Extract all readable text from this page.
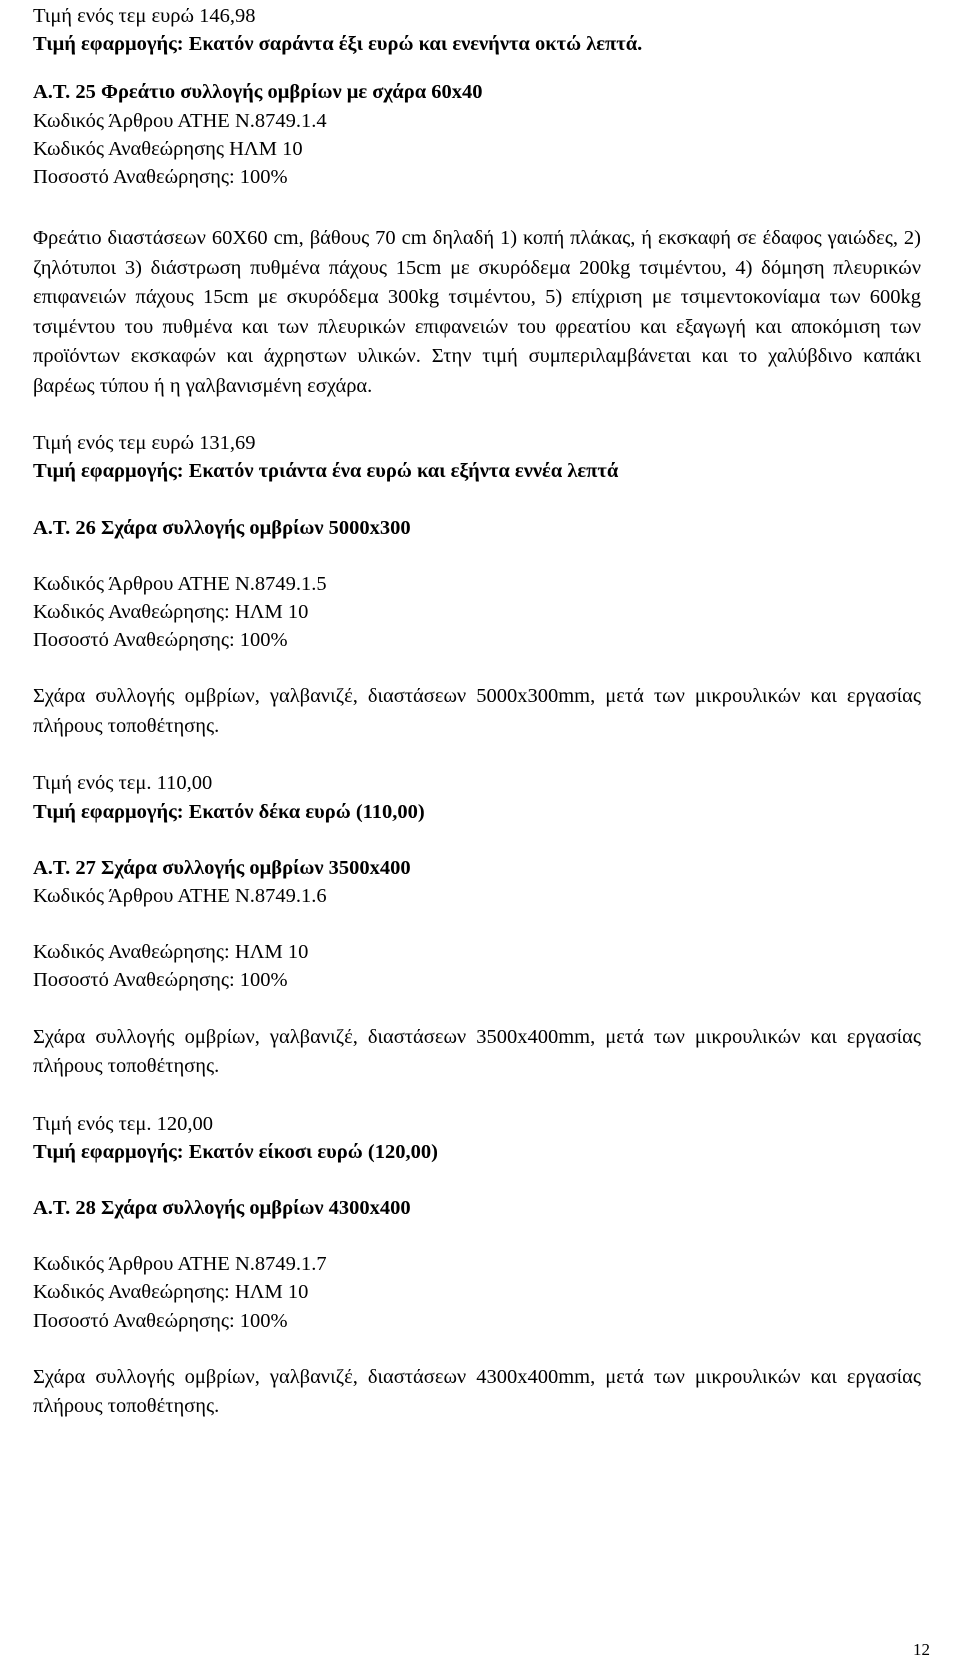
Τιμή ενός τεμ ευρώ 146,98
Τιμή εφαρμογής: Εκατόν σαράντα έξι ευρώ και ενενήντα οκτώ λεπτά.
Α.Τ. 25 Φρεάτιο συλλογής ομβρίων με σχάρα 60x40
Κωδικός Άρθρου ΑΤΗΕ Ν.8749.1.4
Κωδικός Αναθεώρησης ΗΛΜ 10
Ποσοστό Αναθεώρησης: 100%
Φρεάτιο διαστάσεων 60Χ60 cm, βάθους 70 cm δηλαδή 1) κοπή πλάκας, ή εκσκαφή σε έδαφος γαιώδες, 2) ζηλότυποι 3) διάστρωση πυθμένα πάχους 15cm με σκυρόδεμα 200kg τσιμέντου, 4) δόμηση πλευρικών επιφανειών πάχους 15cm με σκυρόδεμα 300kg τσιμέντου, 5) επίχριση με τσιμεντοκονίαμα των 600kg τσιμέντου του πυθμένα και των πλευρικών επιφανειών του φρεατίου και εξαγωγή και αποκόμιση των προϊόντων εκσκαφών και άχρηστων υλικών. Στην τιμή συμπεριλαμβάνεται και το χαλύβδινο καπάκι βαρέως τύπου ή η γαλβανισμένη εσχάρα.
Τιμή ενός τεμ ευρώ 131,69
Τιμή εφαρμογής: Εκατόν τριάντα ένα ευρώ και εξήντα εννέα λεπτά
Α.Τ. 26 Σχάρα συλλογής ομβρίων 5000x300
Κωδικός Άρθρου ΑΤΗΕ Ν.8749.1.5
Κωδικός Αναθεώρησης: ΗΛΜ 10
Ποσοστό Αναθεώρησης: 100%
Σχάρα συλλογής ομβρίων, γαλβανιζέ, διαστάσεων 5000x300mm, μετά των μικρουλικών και εργασίας πλήρους τοποθέτησης.
Τιμή ενός τεμ. 110,00
Τιμή εφαρμογής: Εκατόν δέκα ευρώ (110,00)
Α.Τ. 27 Σχάρα συλλογής ομβρίων 3500x400
Κωδικός Άρθρου ΑΤΗΕ Ν.8749.1.6
Κωδικός Αναθεώρησης: ΗΛΜ 10
Ποσοστό Αναθεώρησης: 100%
Σχάρα συλλογής ομβρίων, γαλβανιζέ, διαστάσεων 3500x400mm, μετά των μικρουλικών και εργασίας πλήρους τοποθέτησης.
Τιμή ενός τεμ. 120,00
Τιμή εφαρμογής: Εκατόν είκοσι ευρώ (120,00)
Α.Τ. 28 Σχάρα συλλογής ομβρίων 4300x400
Κωδικός Άρθρου ΑΤΗΕ Ν.8749.1.7
Κωδικός Αναθεώρησης: ΗΛΜ 10
Ποσοστό Αναθεώρησης: 100%
Σχάρα συλλογής ομβρίων, γαλβανιζέ, διαστάσεων 4300x400mm, μετά των μικρουλικών και εργασίας πλήρους τοποθέτησης.
12
